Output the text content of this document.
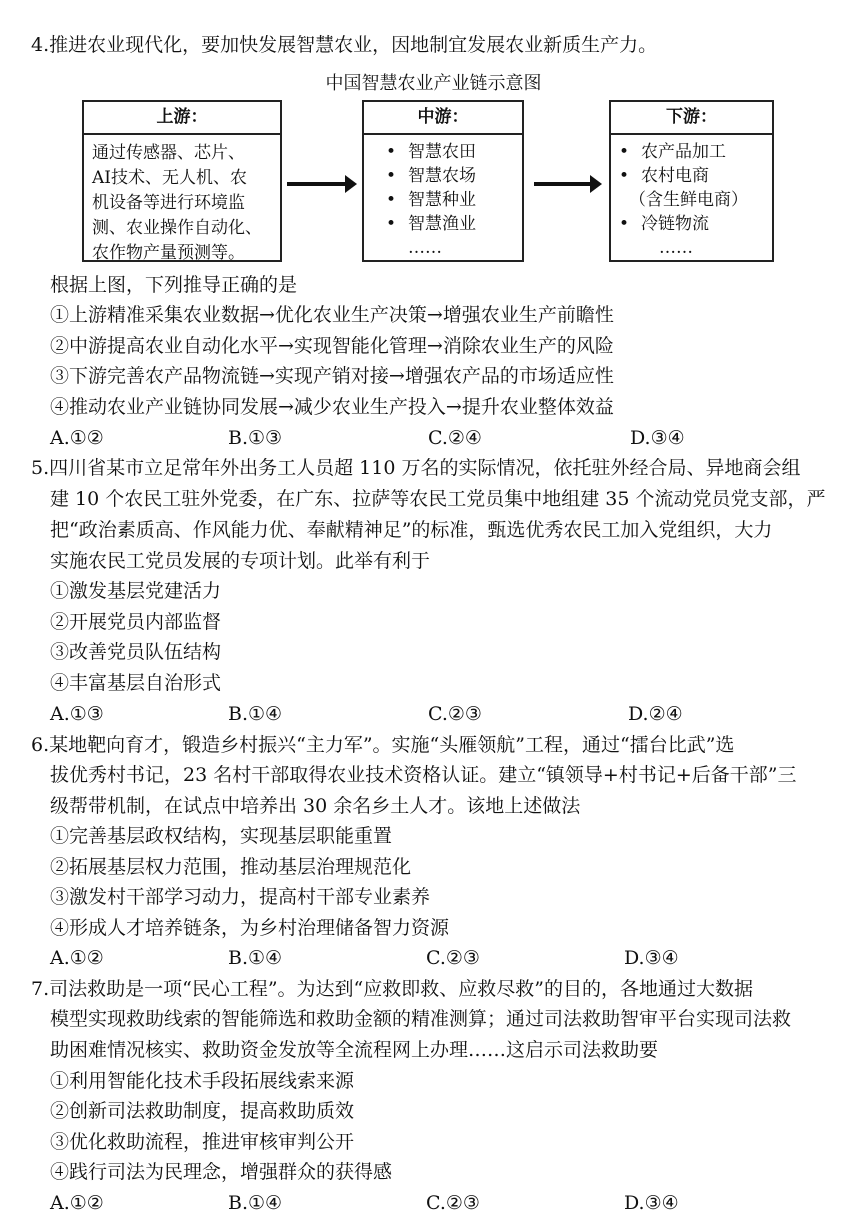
4.推进农业现代化，要加快发展智慧农业，因地制宜发展农业新质生产力。
中国智慧农业产业链示意图
上游：
通过传感器、芯片、
AI技术、无人机、农
机设备等进行环境监
测、农业操作自动化、
农作物产量预测等。
中游：
• 智慧农田
• 智慧农场
• 智慧种业
• 智慧渔业
……
下游：
• 农产品加工
• 农村电商
（含生鲜电商）
• 冷链物流
……
根据上图，下列推导正确的是
①上游精准采集农业数据→优化农业生产决策→增强农业生产前瞻性
②中游提高农业自动化水平→实现智能化管理→消除农业生产的风险
③下游完善农产品物流链→实现产销对接→增强农产品的市场适应性
④推动农业产业链协同发展→减少农业生产投入→提升农业整体效益
A.①②	B.①③	C.②④	D.③④
5.四川省某市立足常年外出务工人员超 110 万名的实际情况，依托驻外经合局、异地商会组
建 10 个农民工驻外党委，在广东、拉萨等农民工党员集中地组建 35 个流动党员党支部，严
把“政治素质高、作风能力优、奉献精神足”的标准，甄选优秀农民工加入党组织，大力
实施农民工党员发展的专项计划。此举有利于
①激发基层党建活力
②开展党员内部监督
③改善党员队伍结构
④丰富基层自治形式
A.①③	B.①④	C.②③	D.②④
6.某地靶向育才，锻造乡村振兴“主力军”。实施“头雁领航”工程，通过“擂台比武”选
拔优秀村书记，23 名村干部取得农业技术资格认证。建立“镇领导+村书记+后备干部”三
级帮带机制，在试点中培养出 30 余名乡土人才。该地上述做法
①完善基层政权结构，实现基层职能重置
②拓展基层权力范围，推动基层治理规范化
③激发村干部学习动力，提高村干部专业素养
④形成人才培养链条，为乡村治理储备智力资源
A.①②	B.①④	C.②③	D.③④
7.司法救助是一项“民心工程”。为达到“应救即救、应救尽救”的目的，各地通过大数据
模型实现救助线索的智能筛选和救助金额的精准测算；通过司法救助智审平台实现司法救
助困难情况核实、救助资金发放等全流程网上办理……这启示司法救助要
①利用智能化技术手段拓展线索来源
②创新司法救助制度，提高救助质效
③优化救助流程，推进审核审判公开
④践行司法为民理念，增强群众的获得感
A.①②	B.①④	C.②③	D.③④
